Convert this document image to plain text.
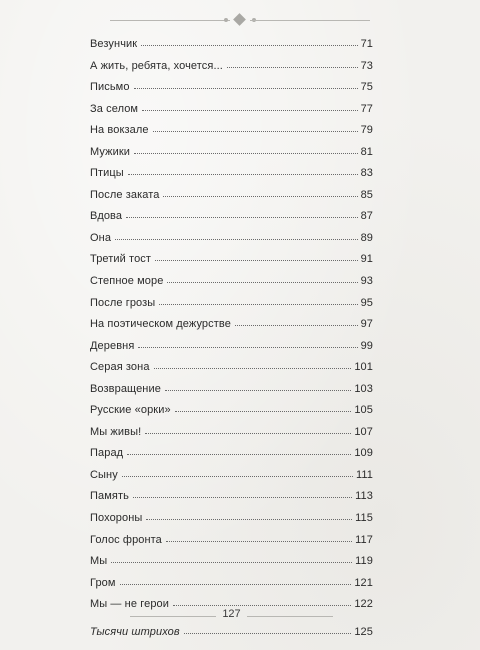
Везунчик	71
А жить, ребята, хочется...	73
Письмо	75
За селом	77
На вокзале	79
Мужики	81
Птицы	83
После заката	85
Вдова	87
Она	89
Третий тост	91
Степное море	93
После грозы	95
На поэтическом дежурстве	97
Деревня	99
Серая зона	101
Возвращение	103
Русские «орки»	105
Мы живы!	107
Парад	109
Сыну	111
Память	113
Похороны	115
Голос фронта	117
Мы	119
Гром	121
Мы — не герои	122
Тысячи штрихов	125
127
